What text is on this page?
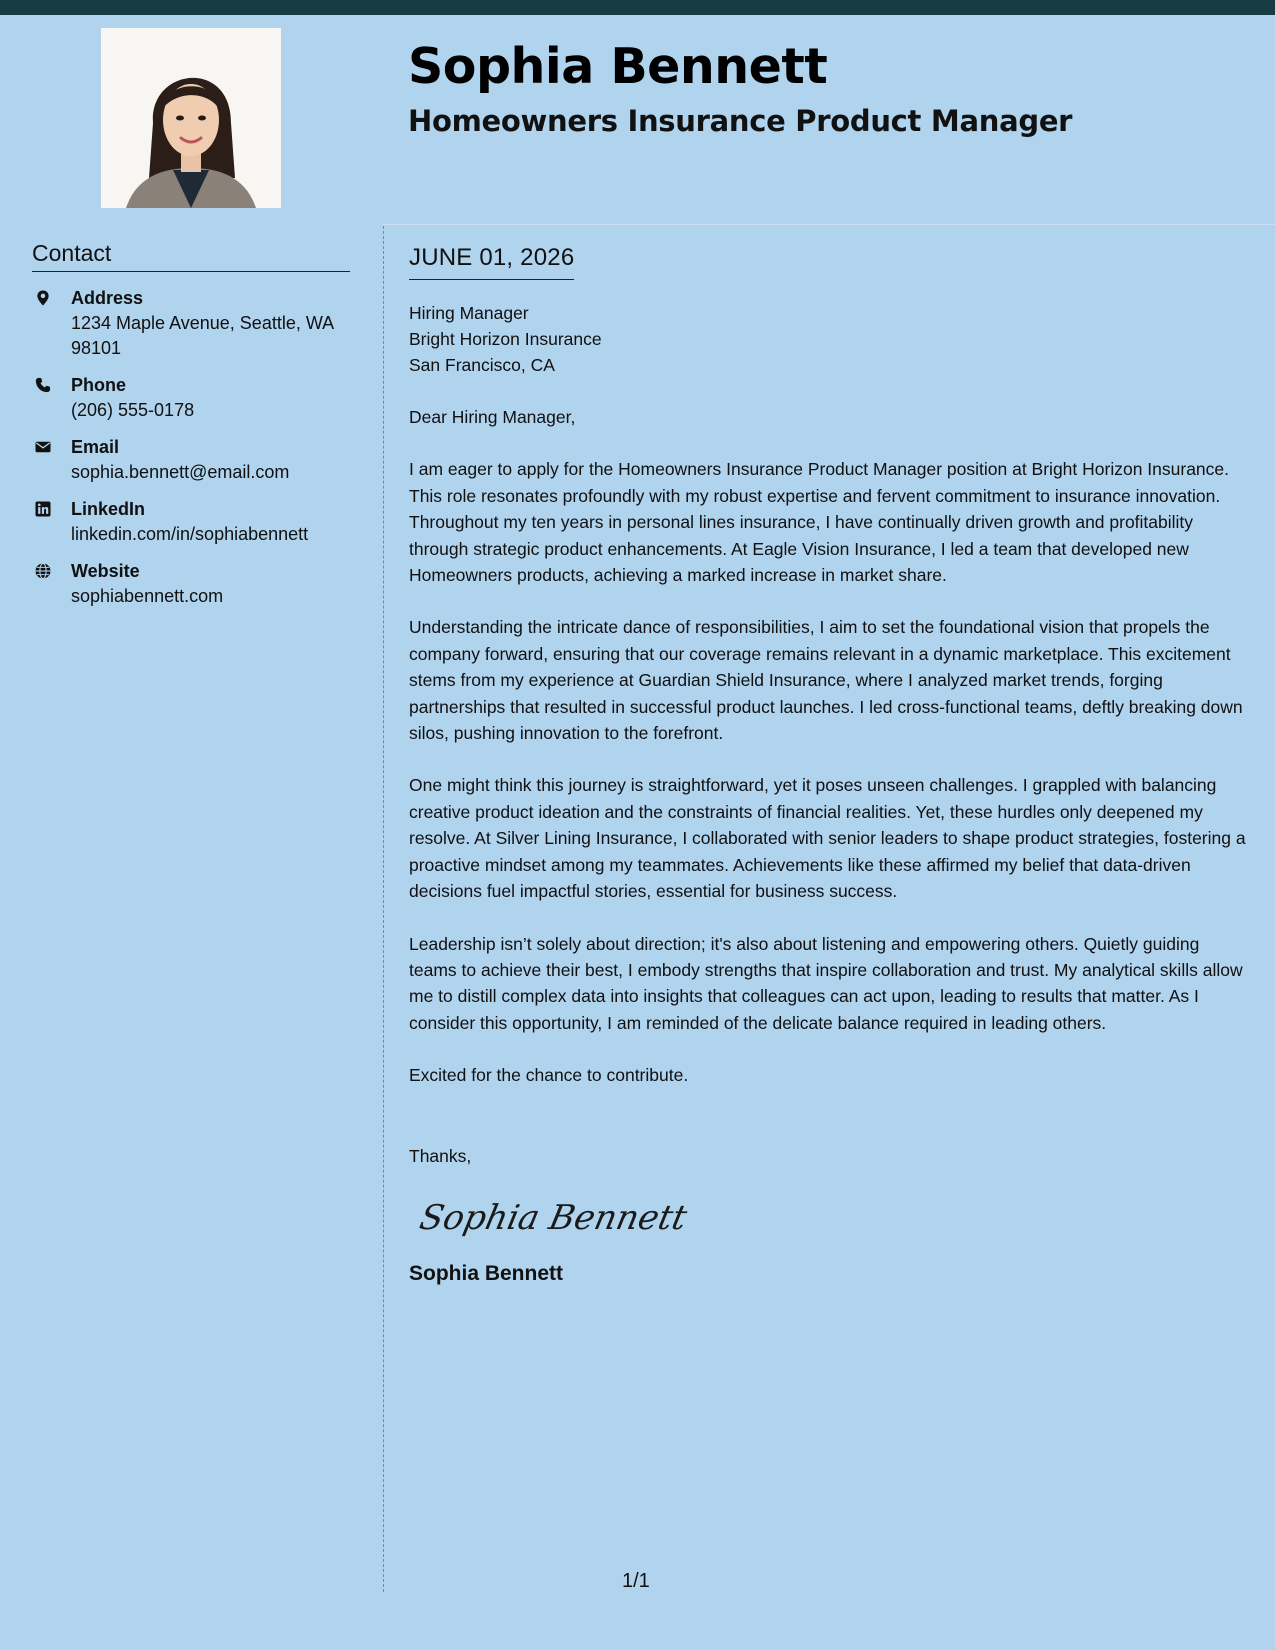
Sophia Bennett
Homeowners Insurance Product Manager
Contact
Address
1234 Maple Avenue, Seattle, WA 98101
Phone
(206) 555-0178
Email
sophia.bennett@email.com
LinkedIn
linkedin.com/in/sophiabennett
Website
sophiabennett.com
JUNE 01, 2026
Hiring Manager
Bright Horizon Insurance
San Francisco, CA
Dear Hiring Manager,

I am eager to apply for the Homeowners Insurance Product Manager position at Bright Horizon Insurance. This role resonates profoundly with my robust expertise and fervent commitment to insurance innovation. Throughout my ten years in personal lines insurance, I have continually driven growth and profitability through strategic product enhancements. At Eagle Vision Insurance, I led a team that developed new Homeowners products, achieving a marked increase in market share.

Understanding the intricate dance of responsibilities, I aim to set the foundational vision that propels the company forward, ensuring that our coverage remains relevant in a dynamic marketplace. This excitement stems from my experience at Guardian Shield Insurance, where I analyzed market trends, forging partnerships that resulted in successful product launches. I led cross-functional teams, deftly breaking down silos, pushing innovation to the forefront.

One might think this journey is straightforward, yet it poses unseen challenges. I grappled with balancing creative product ideation and the constraints of financial realities. Yet, these hurdles only deepened my resolve. At Silver Lining Insurance, I collaborated with senior leaders to shape product strategies, fostering a proactive mindset among my teammates. Achievements like these affirmed my belief that data-driven decisions fuel impactful stories, essential for business success.

Leadership isn’t solely about direction; it's also about listening and empowering others. Quietly guiding teams to achieve their best, I embody strengths that inspire collaboration and trust. My analytical skills allow me to distill complex data into insights that colleagues can act upon, leading to results that matter. As I consider this opportunity, I am reminded of the delicate balance required in leading others.

Excited for the chance to contribute.
Thanks,
Sophia Bennett
Sophia Bennett
1/1
